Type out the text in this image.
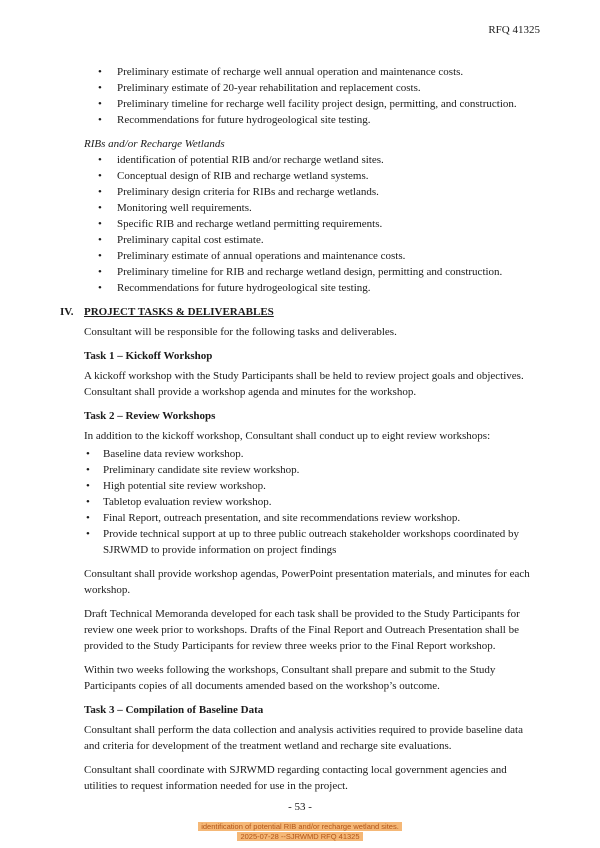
RFQ 41325
•
Preliminary estimate of recharge well annual operation and maintenance costs.
•
Preliminary estimate of 20-year rehabilitation and replacement costs.
•
Preliminary timeline for recharge well facility project design, permitting, and construction.
•
Recommendations for future hydrogeological site testing.
RIBs and/or Recharge Wetlands
•
identification of potential RIB and/or recharge wetland sites.
•
Conceptual design of RIB and recharge wetland systems.
•
Preliminary design criteria for RIBs and recharge wetlands.
•
Monitoring well requirements.
•
Specific RIB and recharge wetland permitting requirements.
•
Preliminary capital cost estimate.
•
Preliminary estimate of annual operations and maintenance costs.
•
Preliminary timeline for RIB and recharge wetland design, permitting and construction.
•
Recommendations for future hydrogeological site testing.
IV. PROJECT TASKS & DELIVERABLES

Consultant will be responsible for the following tasks and deliverables.

Task 1 – Kickoff Workshop

A kickoff workshop with the Study Participants shall be held to review project goals and objectives. Consultant shall provide a workshop agenda and minutes for the workshop.

Task 2 – Review Workshops

In addition to the kickoff workshop, Consultant shall conduct up to eight review workshops:

•
Baseline data review workshop.
•
Preliminary candidate site review workshop.
•
High potential site review workshop.
•
Tabletop evaluation review workshop.
•
Final Report, outreach presentation, and site recommendations review workshop.
•
Provide technical support at up to three public outreach stakeholder workshops coordinated by SJRWMD to provide information on project findings

Consultant shall provide workshop agendas, PowerPoint presentation materials, and minutes for each workshop.

Draft Technical Memoranda developed for each task shall be provided to the Study Participants for review one week prior to workshops. Drafts of the Final Report and Outreach Presentation shall be provided to the Study Participants for review three weeks prior to the Final Report workshop.

Within two weeks following the workshops, Consultant shall prepare and submit to the Study Participants copies of all documents amended based on the workshop’s outcome.

Task 3 – Compilation of Baseline Data

Consultant shall perform the data collection and analysis activities required to provide baseline data and criteria for development of the treatment wetland and recharge site evaluations.

Consultant shall coordinate with SJRWMD regarding contacting local government agencies and utilities to request information needed for use in the project.

- 53 -
identification of potential RIB and/or recharge wetland sites.
2025-07-28 --SJRWMD RFQ 41325
